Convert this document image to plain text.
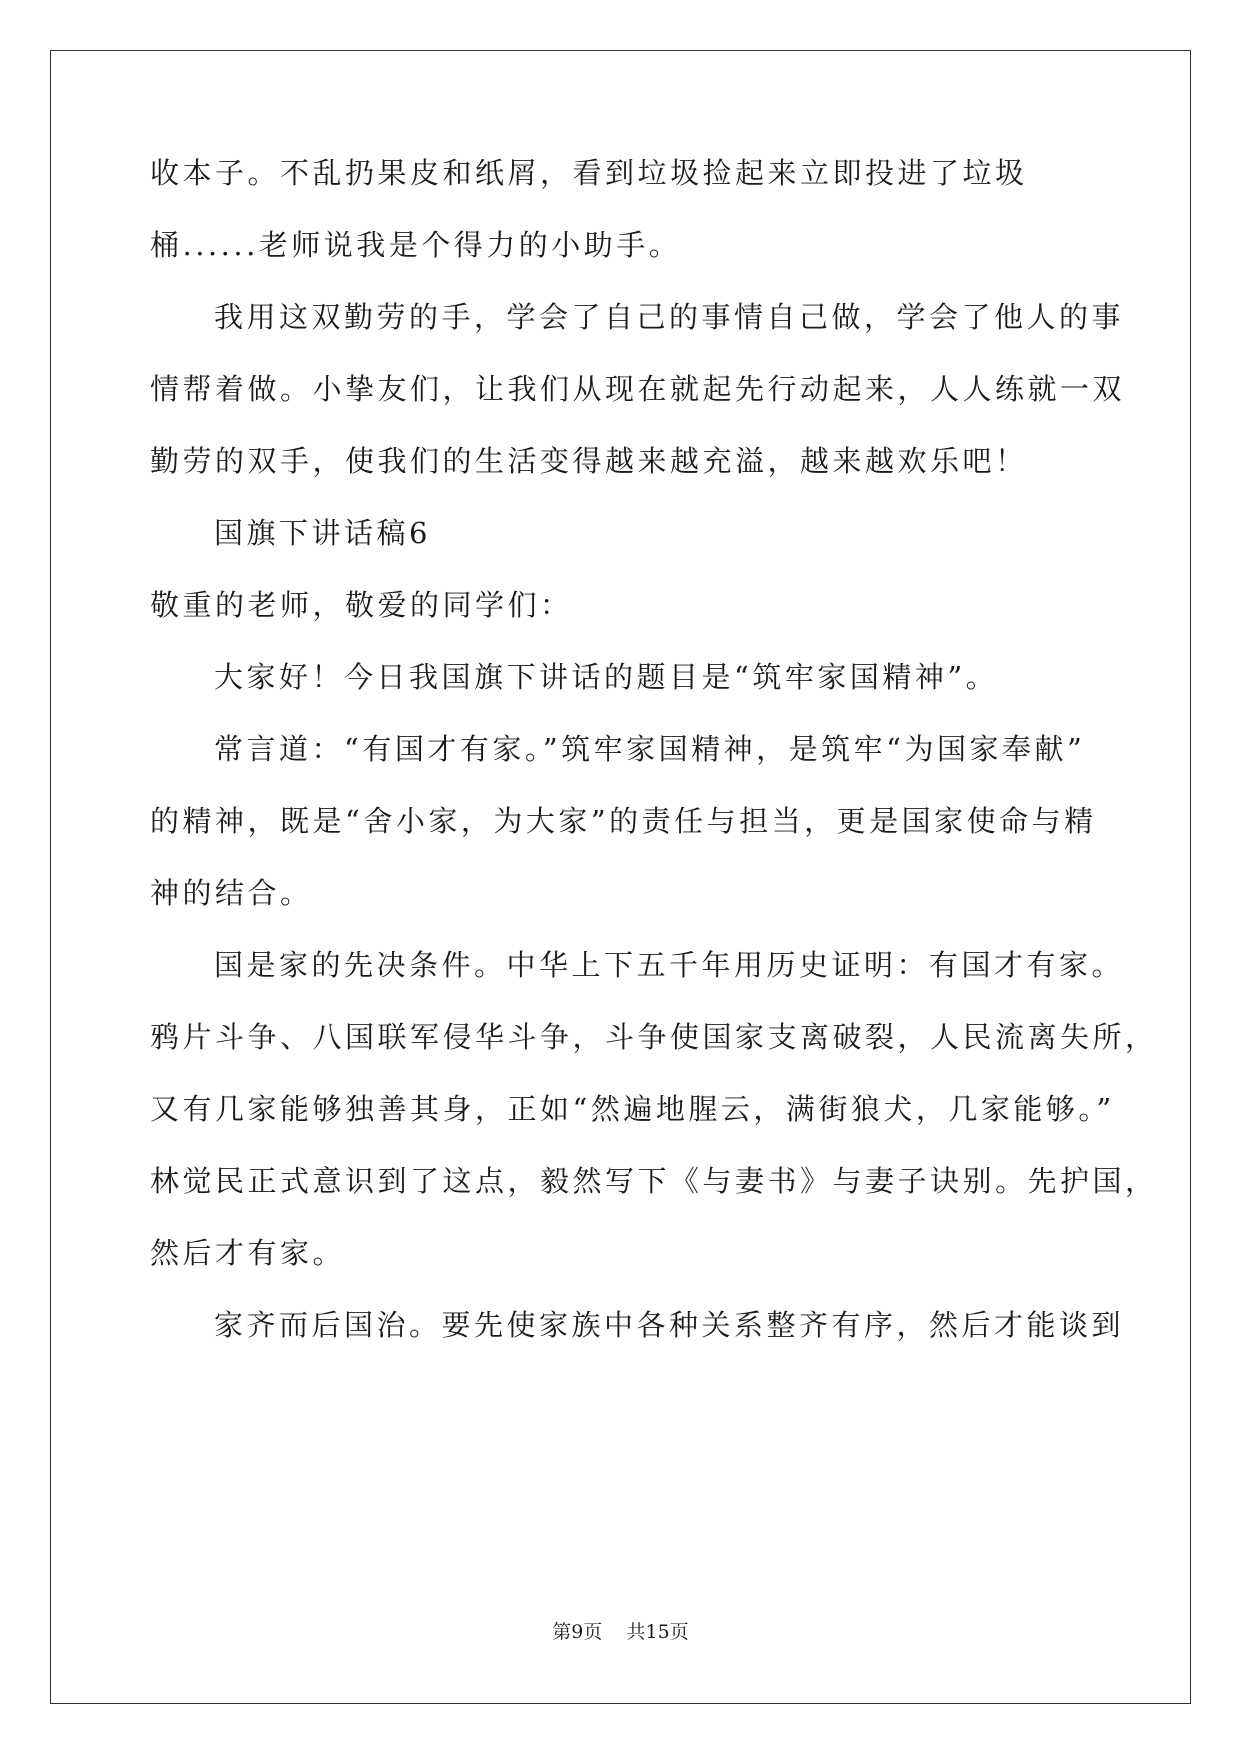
收本子。不乱扔果皮和纸屑，看到垃圾捡起来立即投进了垃圾
桶......老师说我是个得力的小助手。
我用这双勤劳的手，学会了自己的事情自己做，学会了他人的事
情帮着做。小挚友们，让我们从现在就起先行动起来，人人练就一双
勤劳的双手，使我们的生活变得越来越充溢，越来越欢乐吧！
国旗下讲话稿6
敬重的老师，敬爱的同学们：
大家好！今日我国旗下讲话的题目是“筑牢家国精神”。
常言道：“有国才有家。”筑牢家国精神，是筑牢“为国家奉献”
的精神，既是“舍小家，为大家”的责任与担当，更是国家使命与精
神的结合。
国是家的先决条件。中华上下五千年用历史证明：有国才有家。
鸦片斗争、八国联军侵华斗争，斗争使国家支离破裂，人民流离失所，
又有几家能够独善其身，正如“然遍地腥云，满街狼犬，几家能够。”
林觉民正式意识到了这点，毅然写下《与妻书》与妻子诀别。先护国，
然后才有家。
家齐而后国治。要先使家族中各种关系整齐有序，然后才能谈到
第9页 共15页
